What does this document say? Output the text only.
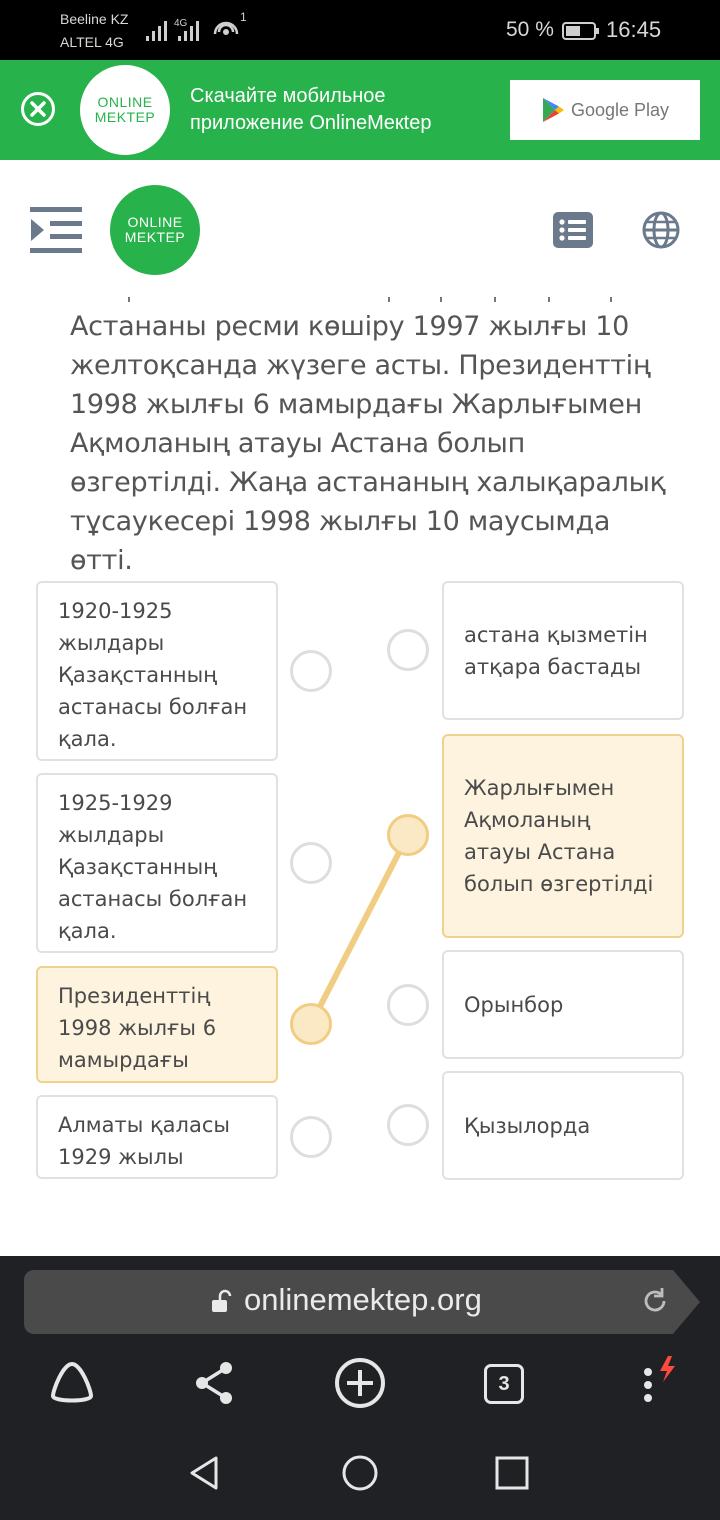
Beeline KZ
ALTEL 4G
4G	1
50 % 16:45
ONLINE
MEKTEP
Скачайте мобильное приложение OnlineMeкtep
Google Play
ONLINE
MEKTEP
Астананы ресми көшіру 1997 жылғы 10 желтоқсанда жүзеге асты. Президенттің 1998 жылғы 6 мамырдағы Жарлығымен Ақмоланың атауы Астана болып өзгертілді. Жаңа астананың халықаралық тұсаукесері 1998 жылғы 10 маусымда өтті.
1920-1925 жылдары Қазақстанның астанасы болған қала.
1925-1929 жылдары Қазақстанның астанасы болған қала.
Президенттің 1998 жылғы 6 мамырдағы
Алматы қаласы 1929 жылы
астана қызметін атқара бастады
Жарлығымен Ақмоланың атауы Астана болып өзгертілді
Орынбор
Қызылорда
onlinemektep.org
3
